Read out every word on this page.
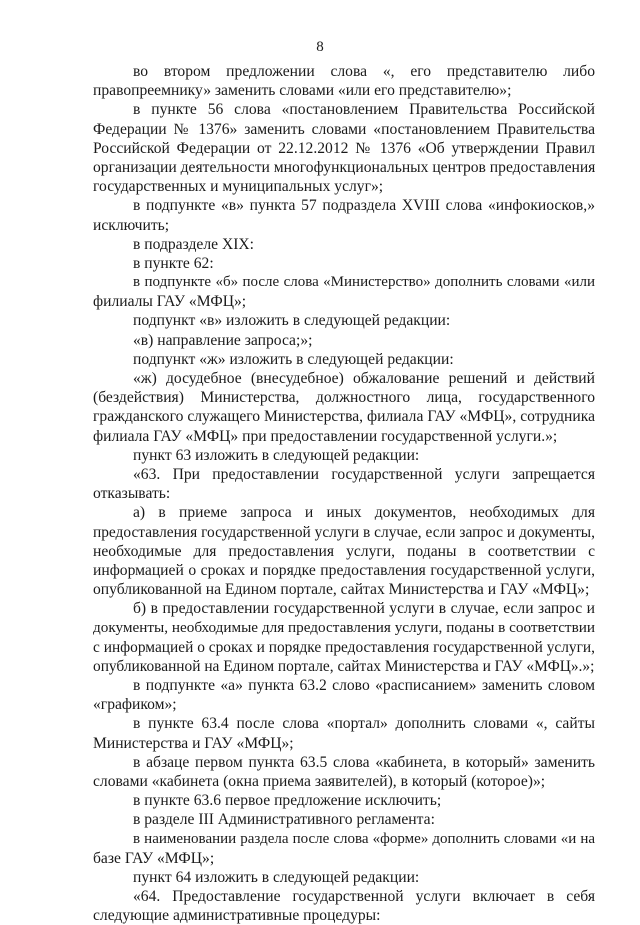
8
во втором предложении слова «, его представителю либо
правопреемнику» заменить словами «или его представителю»;
в пункте 56 слова «постановлением Правительства Российской
Федерации № 1376» заменить словами «постановлением Правительства
Российской Федерации от 22.12.2012 № 1376 «Об утверждении Правил
организации деятельности многофункциональных центров предоставления
государственных и муниципальных услуг»;
в подпункте «в» пункта 57 подраздела XVIII слова «инфокиосков,»
исключить;
в подразделе XIX:
в пункте 62:
в подпункте «б» после слова «Министерство» дополнить словами «или
филиалы ГАУ «МФЦ»;
подпункт «в» изложить в следующей редакции:
«в) направление запроса;»;
подпункт «ж» изложить в следующей редакции:
«ж) досудебное (внесудебное) обжалование решений и действий
(бездействия) Министерства, должностного лица, государственного
гражданского служащего Министерства, филиала ГАУ «МФЦ», сотрудника
филиала ГАУ «МФЦ» при предоставлении государственной услуги.»;
пункт 63 изложить в следующей редакции:
«63. При предоставлении государственной услуги запрещается
отказывать:
а) в приеме запроса и иных документов, необходимых для
предоставления государственной услуги в случае, если запрос и документы,
необходимые для предоставления услуги, поданы в соответствии с
информацией о сроках и порядке предоставления государственной услуги,
опубликованной на Едином портале, сайтах Министерства и ГАУ «МФЦ»;
б) в предоставлении государственной услуги в случае, если запрос и
документы, необходимые для предоставления услуги, поданы в соответствии
с информацией о сроках и порядке предоставления государственной услуги,
опубликованной на Едином портале, сайтах Министерства и ГАУ «МФЦ».»;
в подпункте «а» пункта 63.2 слово «расписанием» заменить словом
«графиком»;
в пункте 63.4 после слова «портал» дополнить словами «, сайты
Министерства и ГАУ «МФЦ»;
в абзаце первом пункта 63.5 слова «кабинета, в который» заменить
словами «кабинета (окна приема заявителей), в который (которое)»;
в пункте 63.6 первое предложение исключить;
в разделе III Административного регламента:
в наименовании раздела после слова «форме» дополнить словами «и на
базе ГАУ «МФЦ»;
пункт 64 изложить в следующей редакции:
«64. Предоставление государственной услуги включает в себя
следующие административные процедуры:
